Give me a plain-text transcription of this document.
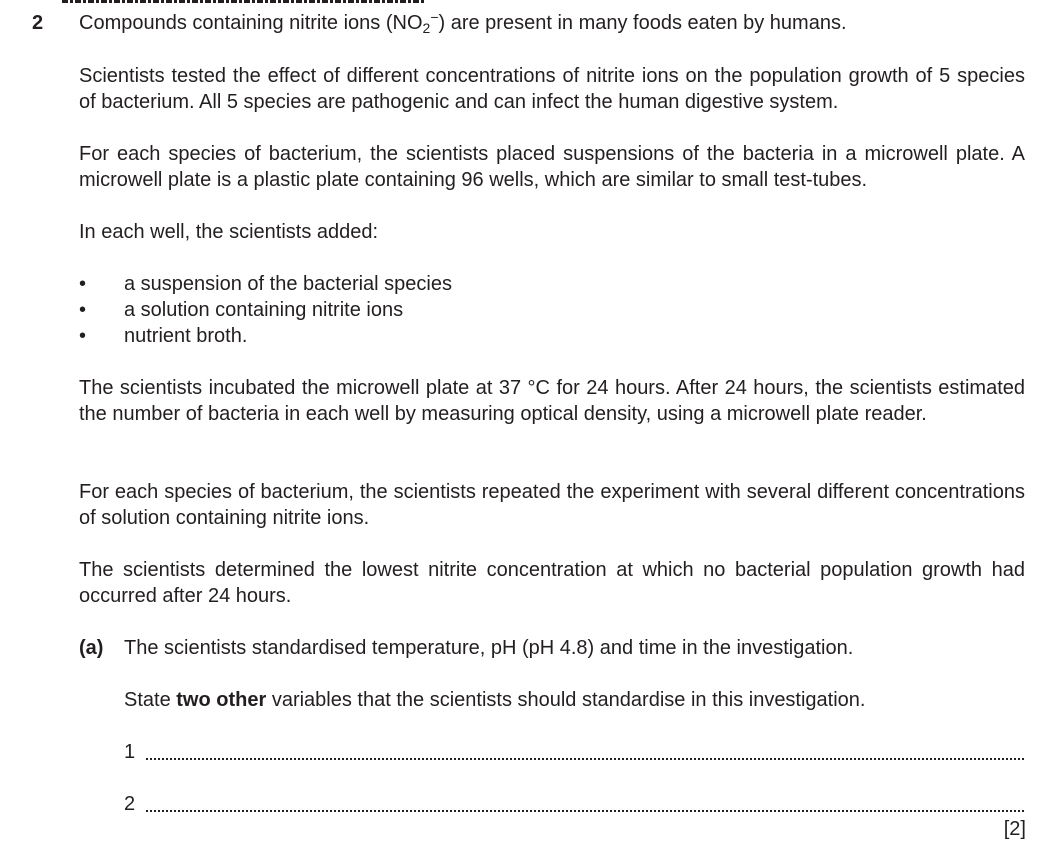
2 Compounds containing nitrite ions $(NO_2^-)$ are present in many foods eaten by humans.
Scientists tested the effect of different concentrations of nitrite ions on the population growth of 5 species of bacterium. All 5 species are pathogenic and can infect the human digestive system.
For each species of bacterium, the scientists placed suspensions of the bacteria in a microwell plate. A microwell plate is a plastic plate containing 96 wells, which are similar to small test-tubes.
In each well, the scientists added:
• a suspension of the bacterial species
• a solution containing nitrite ions
• nutrient broth.
The scientists incubated the microwell plate at 37 °C for 24 hours. After 24 hours, the scientists estimated the number of bacteria in each well by measuring optical density, using a microwell plate reader.
For each species of bacterium, the scientists repeated the experiment with several different concentrations of solution containing nitrite ions.
The scientists determined the lowest nitrite concentration at which no bacterial population growth had occurred after 24 hours.
(a) The scientists standardised temperature, pH (pH 4.8) and time in the investigation.
State two other variables that the scientists should standardise in this investigation.
1
2
[2]
